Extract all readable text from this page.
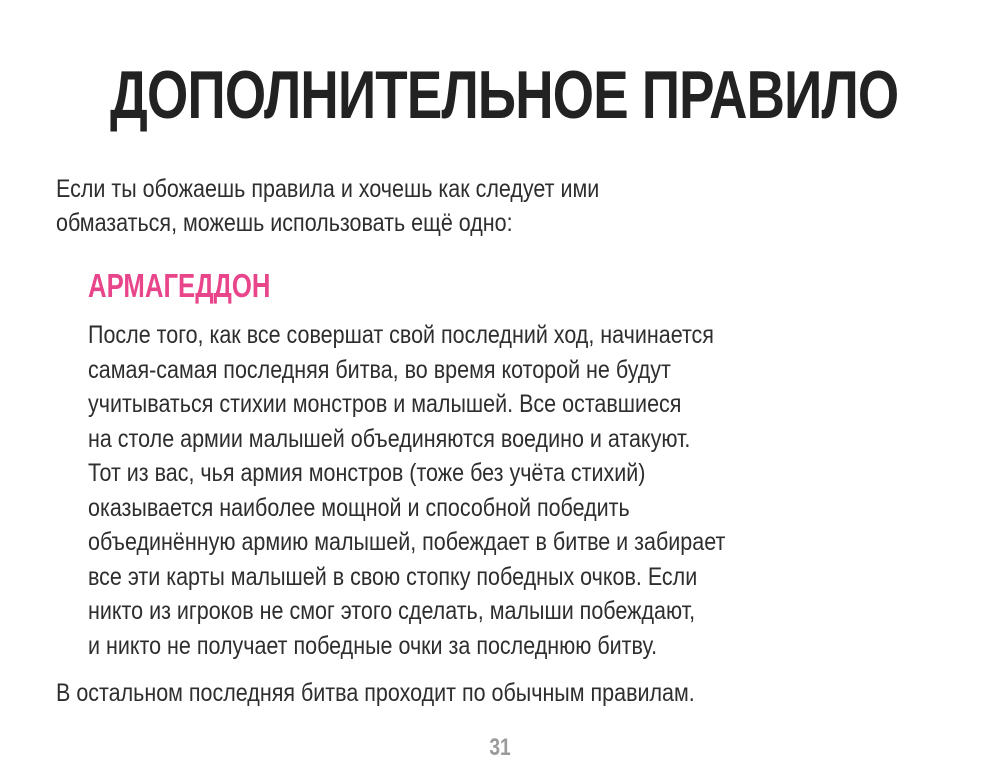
ДОПОЛНИТЕЛЬНОЕ ПРАВИЛО
Если ты обожаешь правила и хочешь как следует ими
обмазаться, можешь использовать ещё одно:
АРМАГЕДДОН
После того, как все совершат свой последний ход, начинается
самая-самая последняя битва, во время которой не будут
учитываться стихии монстров и малышей. Все оставшиеся
на столе армии малышей объединяются воедино и атакуют.
Тот из вас, чья армия монстров (тоже без учёта стихий)
оказывается наиболее мощной и способной победить
объединённую армию малышей, побеждает в битве и забирает
все эти карты малышей в свою стопку победных очков. Если
никто из игроков не смог этого сделать, малыши побеждают,
и никто не получает победные очки за последнюю битву.
В остальном последняя битва проходит по обычным правилам.
31
